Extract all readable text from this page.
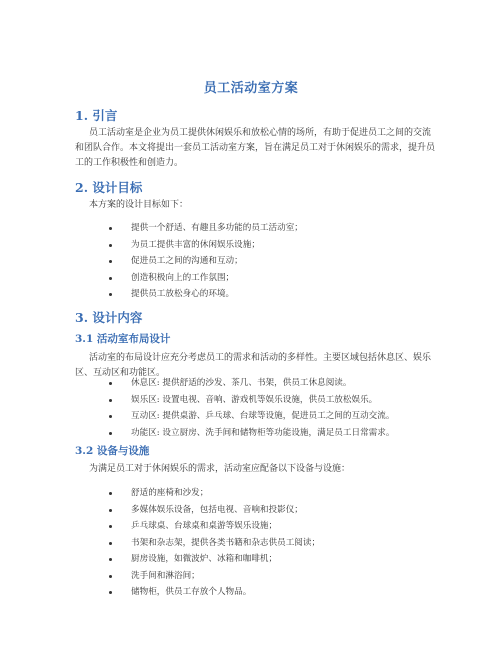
员工活动室方案
1. 引言
员工活动室是企业为员工提供休闲娱乐和放松心情的场所，有助于促进员工之间的交流和团队合作。本文将提出一套员工活动室方案，旨在满足员工对于休闲娱乐的需求，提升员工的工作积极性和创造力。
2. 设计目标
本方案的设计目标如下：
提供一个舒适、有趣且多功能的员工活动室；
为员工提供丰富的休闲娱乐设施；
促进员工之间的沟通和互动；
创造积极向上的工作氛围；
提供员工放松身心的环境。
3. 设计内容
3.1 活动室布局设计
活动室的布局设计应充分考虑员工的需求和活动的多样性。主要区域包括休息区、娱乐区、互动区和功能区。
休息区: 提供舒适的沙发、茶几、书架，供员工休息阅读。
娱乐区: 设置电视、音响、游戏机等娱乐设施，供员工放松娱乐。
互动区: 提供桌游、乒乓球、台球等设施，促进员工之间的互动交流。
功能区: 设立厨房、洗手间和储物柜等功能设施，满足员工日常需求。
3.2 设备与设施
为满足员工对于休闲娱乐的需求，活动室应配备以下设备与设施：
舒适的座椅和沙发；
多媒体娱乐设备，包括电视、音响和投影仪；
乒乓球桌、台球桌和桌游等娱乐设施；
书架和杂志架，提供各类书籍和杂志供员工阅读；
厨房设施，如微波炉、冰箱和咖啡机；
洗手间和淋浴间；
储物柜，供员工存放个人物品。
